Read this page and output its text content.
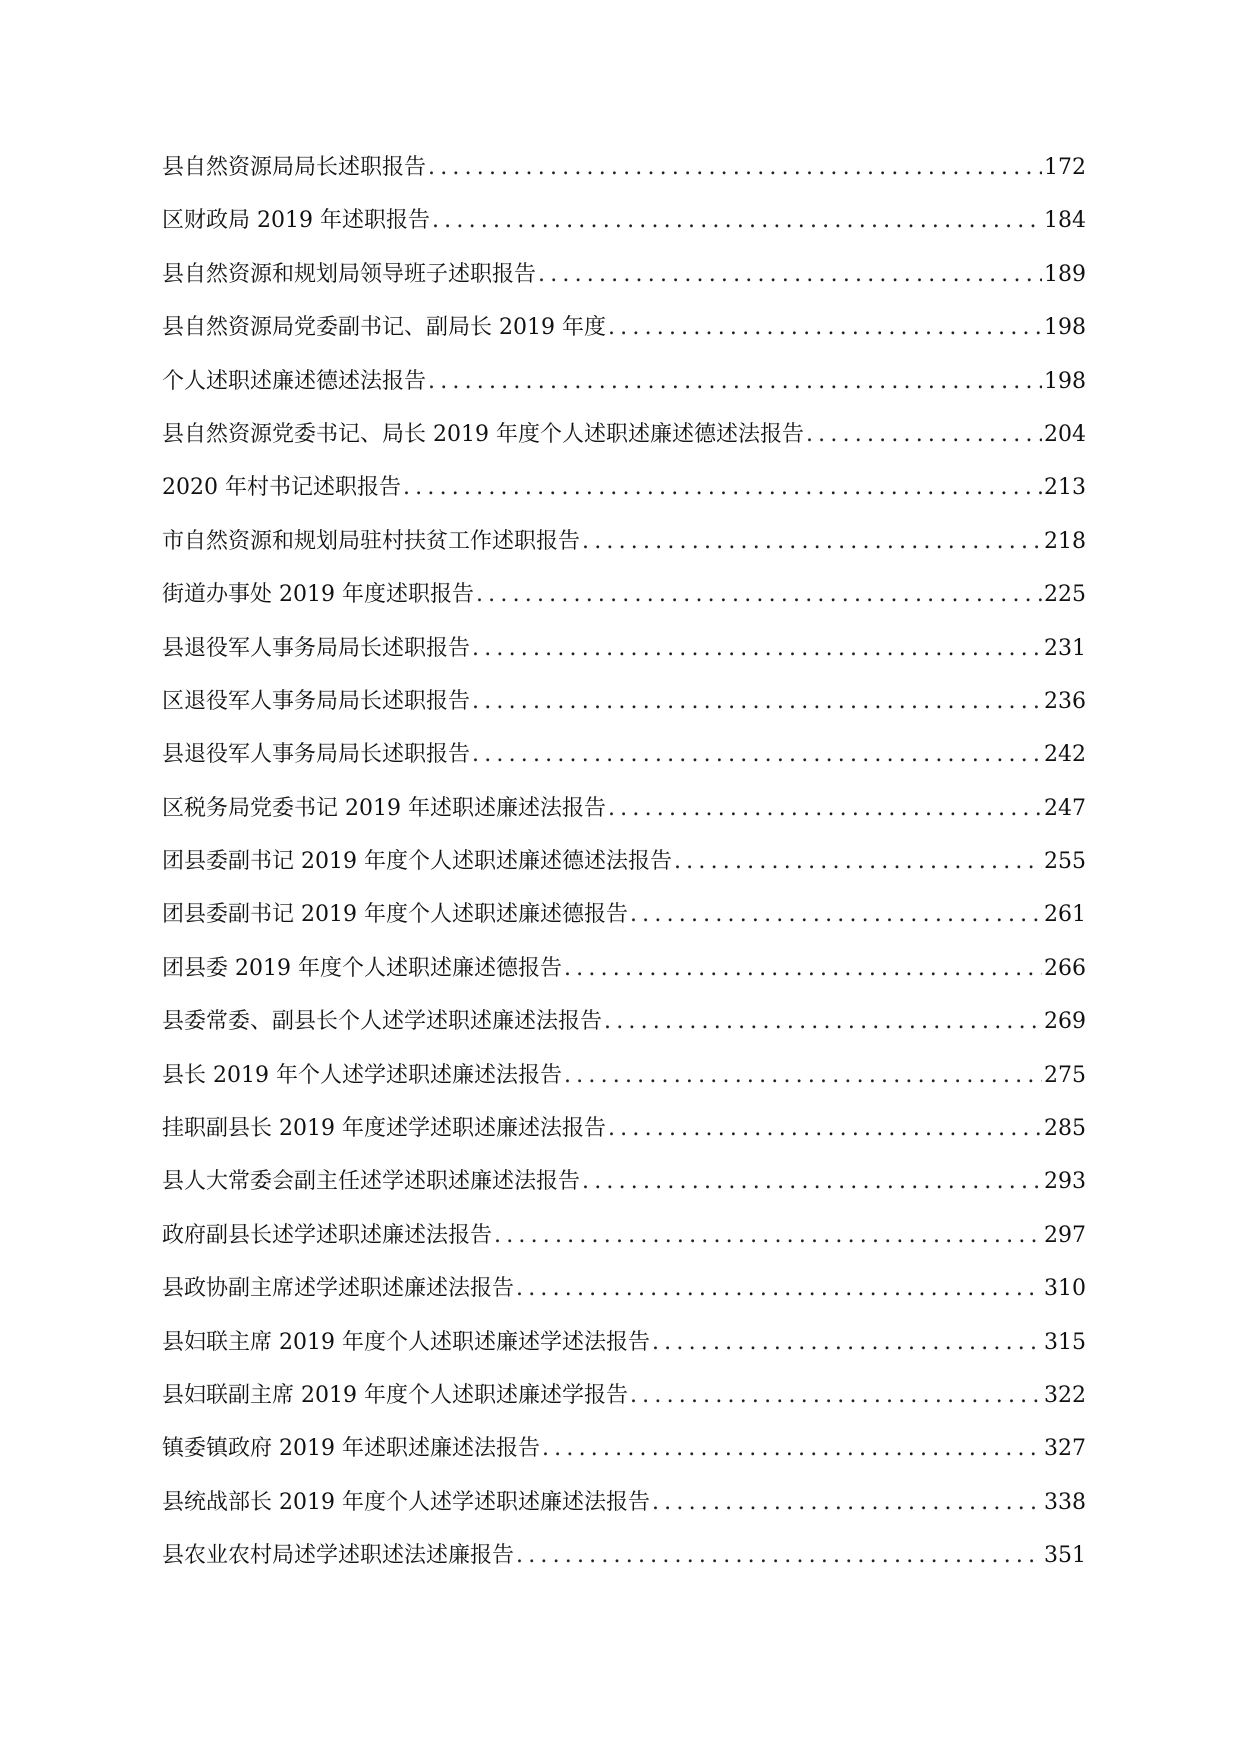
县自然资源局局长述职报告 .....	172
区财政局 2019 年述职报告 .....	184
县自然资源和规划局领导班子述职报告 .....	189
县自然资源局党委副书记、副局长 2019 年度 .....	198
个人述职述廉述德述法报告 .....	198
县自然资源党委书记、局长 2019 年度个人述职述廉述德述法报告 .....	204
2020 年村书记述职报告 .....	213
市自然资源和规划局驻村扶贫工作述职报告 .....	218
街道办事处 2019 年度述职报告 .....	225
县退役军人事务局局长述职报告 .....	231
区退役军人事务局局长述职报告 .....	236
县退役军人事务局局长述职报告 .....	242
区税务局党委书记 2019 年述职述廉述法报告 .....	247
团县委副书记 2019 年度个人述职述廉述德述法报告 .....	255
团县委副书记 2019 年度个人述职述廉述德报告 .....	261
团县委 2019 年度个人述职述廉述德报告 .....	266
县委常委、副县长个人述学述职述廉述法报告 .....	269
县长 2019 年个人述学述职述廉述法报告 .....	275
挂职副县长 2019 年度述学述职述廉述法报告 .....	285
县人大常委会副主任述学述职述廉述法报告 .....	293
政府副县长述学述职述廉述法报告 .....	297
县政协副主席述学述职述廉述法报告 .....	310
县妇联主席 2019 年度个人述职述廉述学述法报告 .....	315
县妇联副主席 2019 年度个人述职述廉述学报告 .....	322
镇委镇政府 2019 年述职述廉述法报告 .....	327
县统战部长 2019 年度个人述学述职述廉述法报告 .....	338
县农业农村局述学述职述法述廉报告 .....	351
